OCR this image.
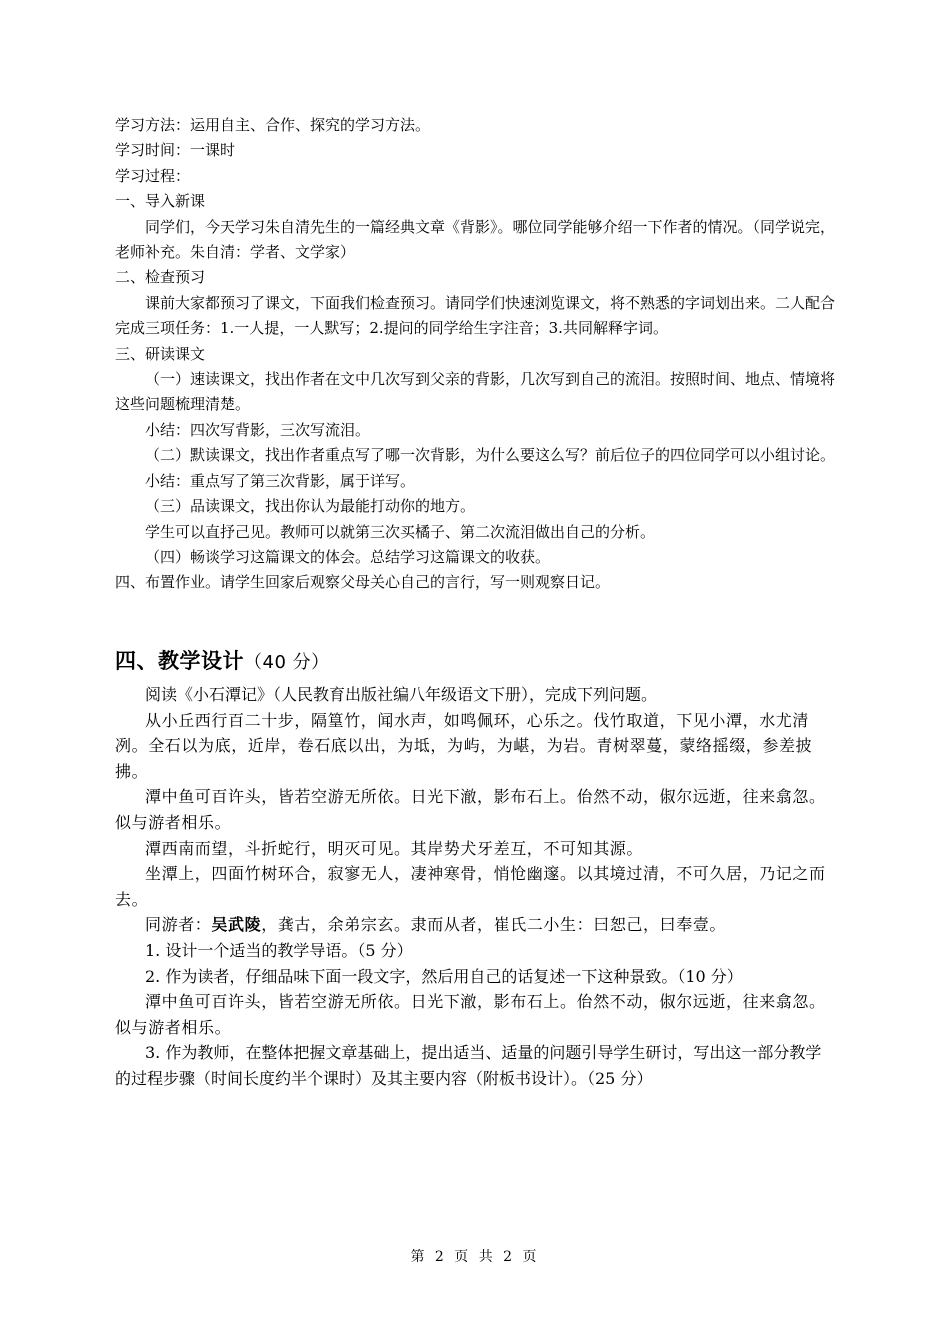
学习方法：运用自主、合作、探究的学习方法。

学习时间：一课时

学习过程：

一、导入新课

同学们，今天学习朱自清先生的一篇经典文章《背影》。哪位同学能够介绍一下作者的情况。（同学说完，老师补充。朱自清：学者、文学家）

二、检查预习

课前大家都预习了课文，下面我们检查预习。请同学们快速浏览课文，将不熟悉的字词划出来。二人配合完成三项任务：1.一人提，一人默写；2.提问的同学给生字注音；3.共同解释字词。

三、研读课文

（一）速读课文，找出作者在文中几次写到父亲的背影，几次写到自己的流泪。按照时间、地点、情境将这些问题梳理清楚。

小结：四次写背影，三次写流泪。

（二）默读课文，找出作者重点写了哪一次背影，为什么要这么写？前后位子的四位同学可以小组讨论。

小结：重点写了第三次背影，属于详写。

（三）品读课文，找出你认为最能打动你的地方。

学生可以直抒己见。教师可以就第三次买橘子、第二次流泪做出自己的分析。

（四）畅谈学习这篇课文的体会。总结学习这篇课文的收获。

四、布置作业。请学生回家后观察父母关心自己的言行，写一则观察日记。

四、教学设计（40 分）

阅读《小石潭记》（人民教育出版社编八年级语文下册），完成下列问题。

从小丘西行百二十步，隔篁竹，闻水声，如鸣佩环，心乐之。伐竹取道，下见小潭，水尤清冽。全石以为底，近岸，卷石底以出，为坻，为屿，为嵁，为岩。青树翠蔓，蒙络摇缀，参差披拂。

潭中鱼可百许头，皆若空游无所依。日光下澈，影布石上。佁然不动，俶尔远逝，往来翕忽。似与游者相乐。

潭西南而望，斗折蛇行，明灭可见。其岸势犬牙差互，不可知其源。

坐潭上，四面竹树环合，寂寥无人，凄神寒骨，悄怆幽邃。以其境过清，不可久居，乃记之而去。

同游者：吴武陵，龚古，余弟宗玄。隶而从者，崔氏二小生：曰恕己，曰奉壹。

1. 设计一个适当的教学导语。（5 分）

2. 作为读者，仔细品味下面一段文字，然后用自己的话复述一下这种景致。（10 分）

潭中鱼可百许头，皆若空游无所依。日光下澈，影布石上。佁然不动，俶尔远逝，往来翕忽。似与游者相乐。

3. 作为教师，在整体把握文章基础上，提出适当、适量的问题引导学生研讨，写出这一部分教学的过程步骤（时间长度约半个课时）及其主要内容（附板书设计）。（25 分）

第 2 页 共 2 页
